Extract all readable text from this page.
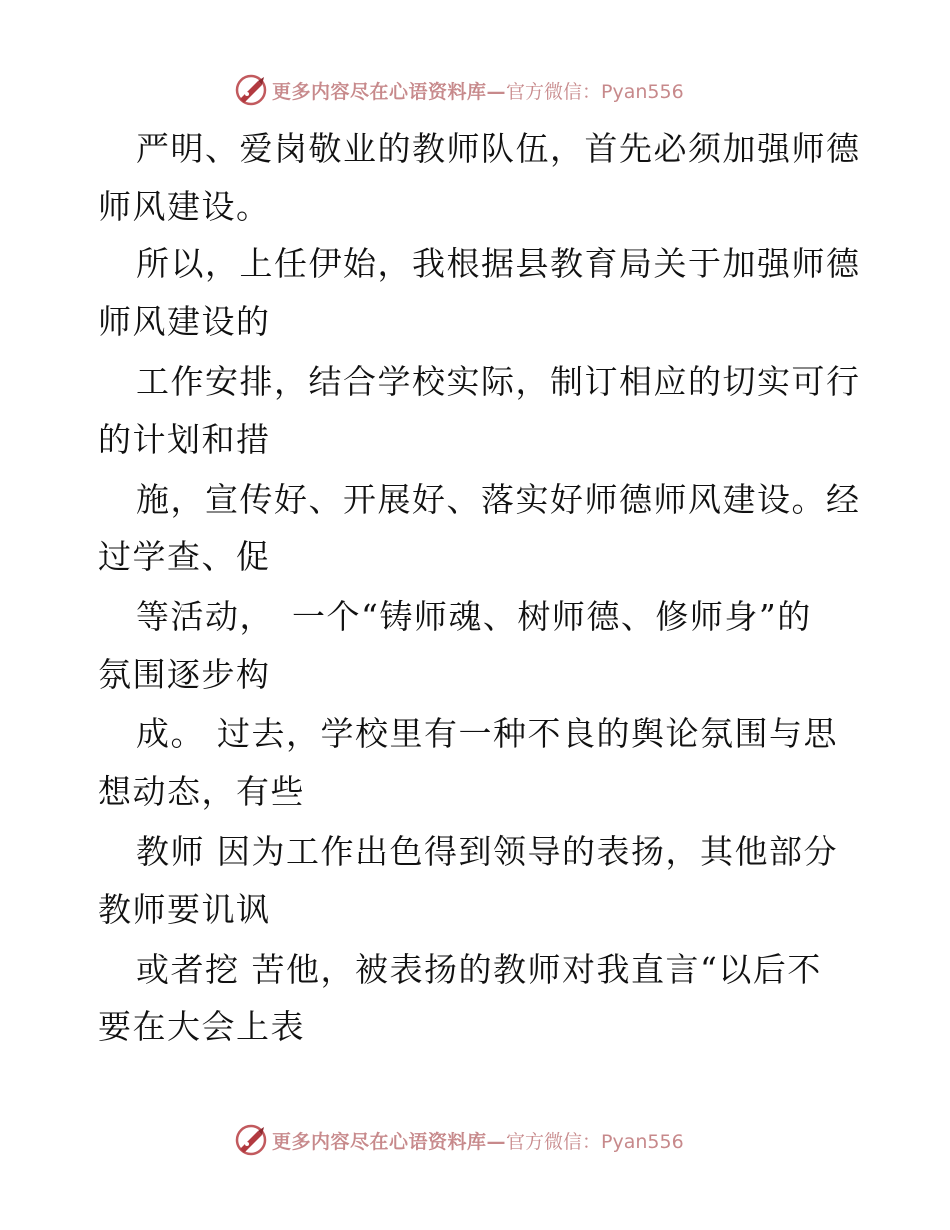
更多内容尽在心语资料库— 官方微信：Pyan556
严明、爱岗敬业的教师队伍，首先必须加强师德
师风建设。
所以，上任伊始，我根据县教育局关于加强师德
师风建设的
工作安排，结合学校实际，制订相应的切实可行
的计划和措
施，宣传好、开展好、落实好师德师风建设。经
过学查、促
等活动，　一个“铸师魂、树师德、修师身”的
氛围逐步构
成。 过去，学校里有一种不良的舆论氛围与思
想动态，有些
教师 因为工作出色得到领导的表扬，其他部分
教师要讥讽
或者挖 苦他，被表扬的教师对我直言“以后不
要在大会上表
更多内容尽在心语资料库— 官方微信：Pyan556
